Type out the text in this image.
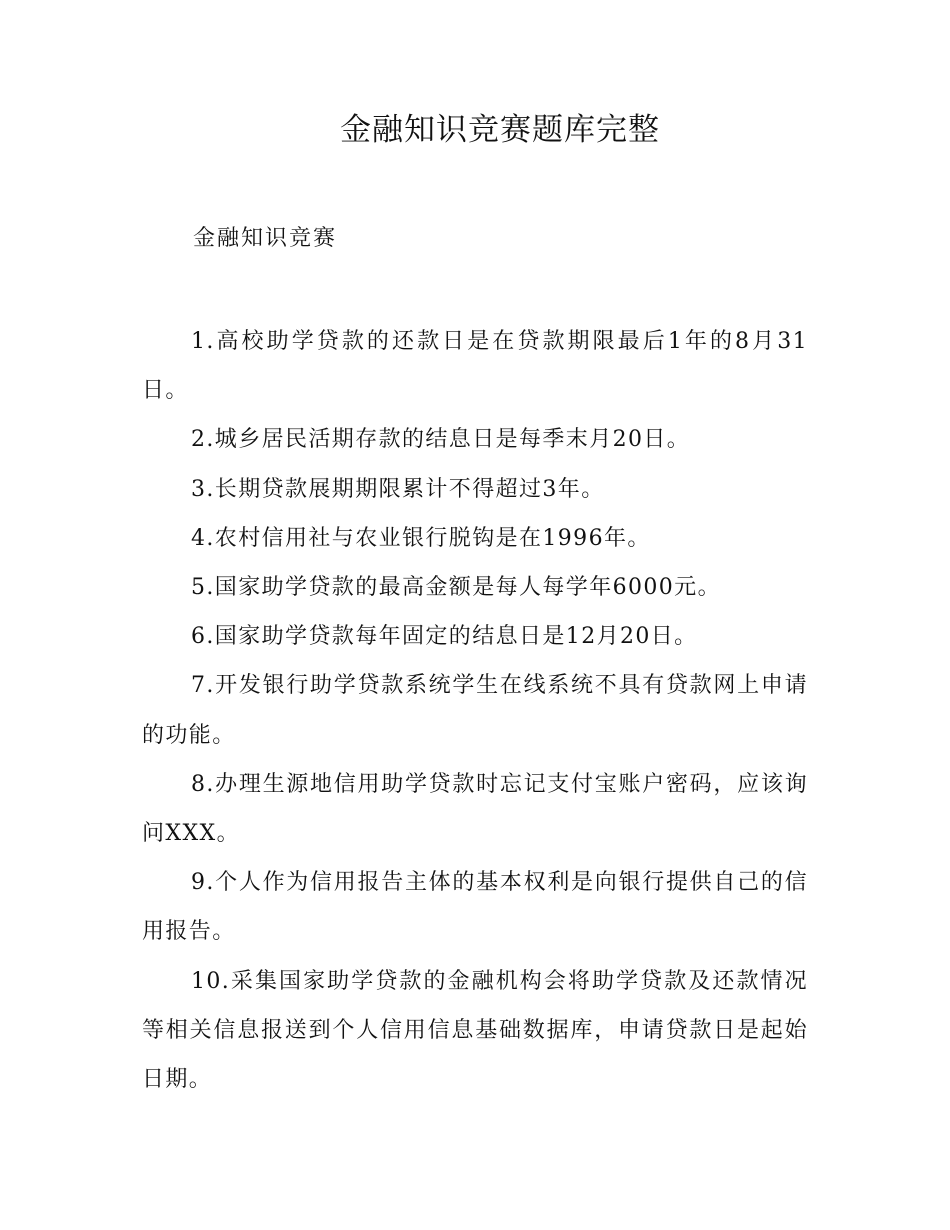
金融知识竞赛题库完整
金融知识竞赛

1.高校助学贷款的还款日是在贷款期限最后1年的8月31日。

2.城乡居民活期存款的结息日是每季末月20日。

3.长期贷款展期期限累计不得超过3年。

4.农村信用社与农业银行脱钩是在1996年。

5.国家助学贷款的最高金额是每人每学年6000元。

6.国家助学贷款每年固定的结息日是12月20日。

7.开发银行助学贷款系统学生在线系统不具有贷款网上申请的功能。

8.办理生源地信用助学贷款时忘记支付宝账户密码，应该询问XXX。

9.个人作为信用报告主体的基本权利是向银行提供自己的信用报告。

10.采集国家助学贷款的金融机构会将助学贷款及还款情况等相关信息报送到个人信用信息基础数据库，申请贷款日是起始日期。
